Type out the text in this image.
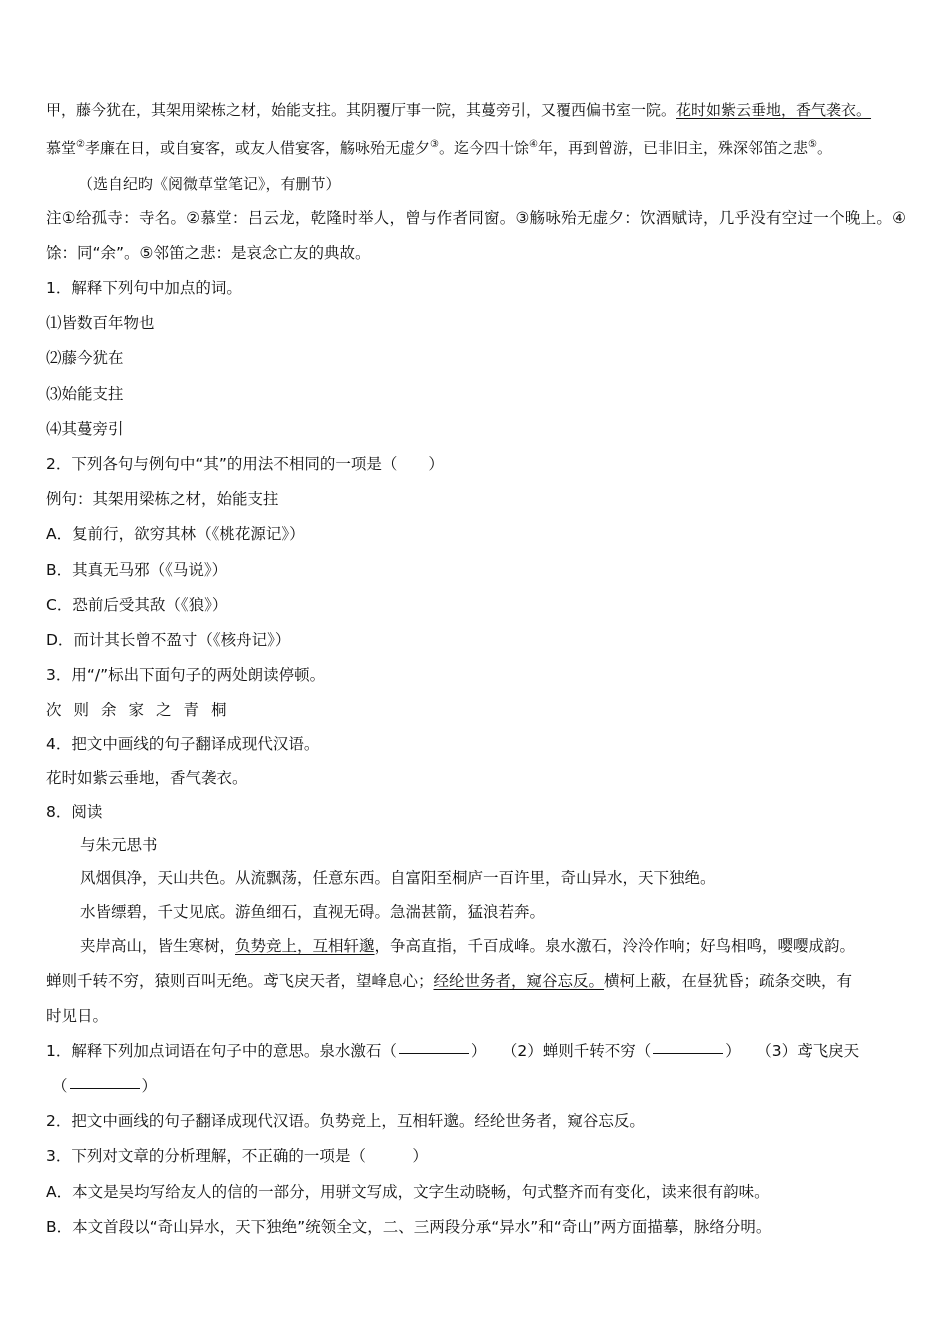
甲，藤今犹在，其架用梁栋之材，始能支拄。其阴覆厅事一院，其蔓旁引，又覆西偏书室一院。花时如紫云垂地，香气袭衣。
慕堂②孝廉在日，或自宴客，或友人借宴客，觞咏殆无虚夕③。迄今四十馀④年，再到曾游，已非旧主，殊深邻笛之悲⑤。
（选自纪昀《阅微草堂笔记》，有删节）
注①给孤寺：寺名。②慕堂：吕云龙，乾隆时举人，曾与作者同窗。③觞咏殆无虚夕：饮酒赋诗，几乎没有空过一个晚上。④
馀：同“余”。⑤邻笛之悲：是哀念亡友的典故。
1．解释下列句中加点的词。
⑴皆数百年物也
⑵藤今犹在
⑶始能支拄
⑷其蔓旁引
2．下列各句与例句中“其”的用法不相同的一项是（　　）
例句：其架用梁栋之材，始能支拄
A．复前行，欲穷其林（《桃花源记》）
B．其真无马邪（《马说》）
C．恐前后受其敌（《狼》）
D．而计其长曾不盈寸（《核舟记》）
3．用“/”标出下面句子的两处朗读停顿。
次则余家之青桐
4．把文中画线的句子翻译成现代汉语。
花时如紫云垂地，香气袭衣。
8．阅读
与朱元思书
风烟俱净，天山共色。从流飘荡，任意东西。自富阳至桐庐一百许里，奇山异水，天下独绝。
水皆缥碧，千丈见底。游鱼细石，直视无碍。急湍甚箭，猛浪若奔。
夹岸高山，皆生寒树，负势竞上，互相轩邈，争高直指，千百成峰。泉水激石，泠泠作响；好鸟相鸣，嘤嘤成韵。
蝉则千转不穷，猿则百叫无绝。鸢飞戾天者，望峰息心；经纶世务者，窥谷忘反。横柯上蔽，在昼犹昏；疏条交映，有
时见日。
1．解释下列加点词语在句子中的意思。泉水激石（	）　　（2）蝉则千转不穷（	）　　（3）鸢飞戾天
（	）
2．把文中画线的句子翻译成现代汉语。负势竞上，互相轩邈。经纶世务者，窥谷忘反。
3．下列对文章的分析理解，不正确的一项是（　　　）
A．本文是吴均写给友人的信的一部分，用骈文写成，文字生动晓畅，句式整齐而有变化，读来很有韵味。
B．本文首段以“奇山异水，天下独绝”统领全文，二、三两段分承“异水”和“奇山”两方面描摹，脉络分明。
